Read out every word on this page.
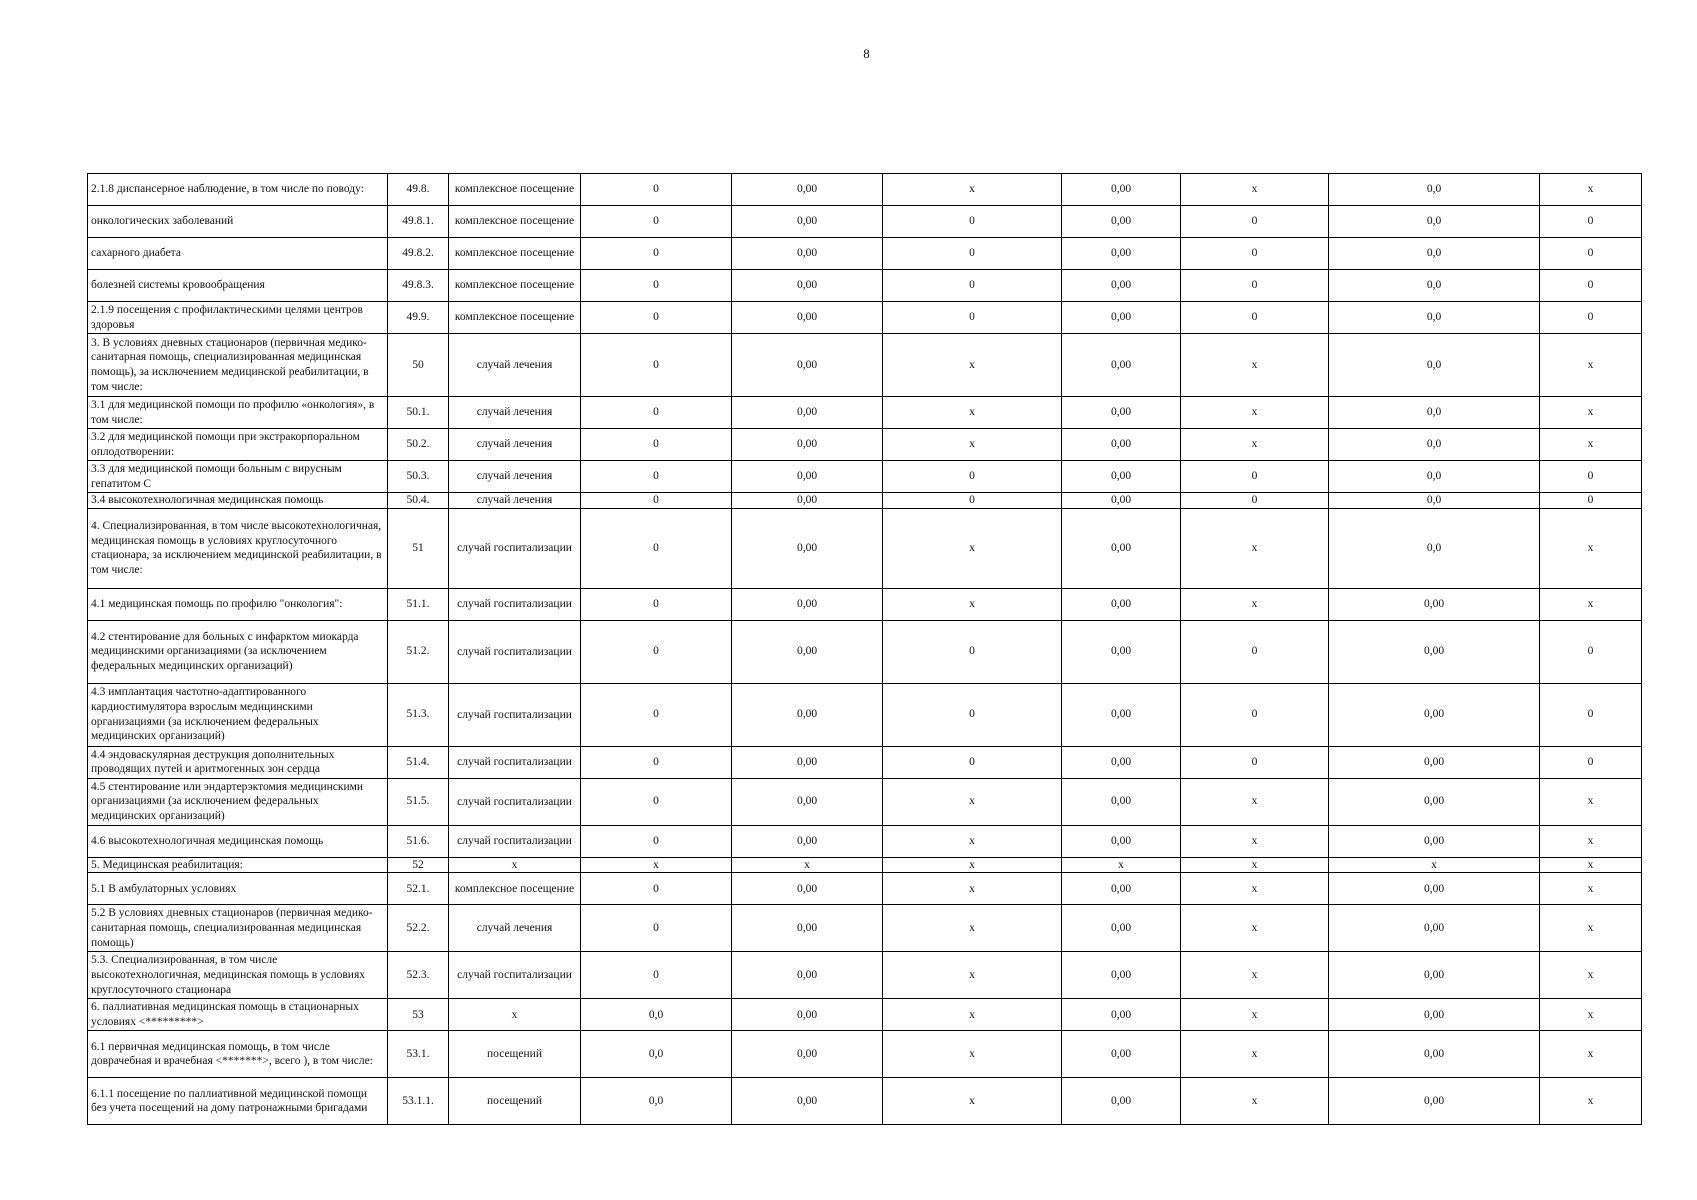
8
2.1.8 диспансерное наблюдение, в том числе по поводу:	49.8.	комплексное посещение	0	0,00	x	0,00	x	0,0	x
онкологических заболеваний	49.8.1.	комплексное посещение	0	0,00	0	0,00	0	0,0	0
сахарного диабета	49.8.2.	комплексное посещение	0	0,00	0	0,00	0	0,0	0
болезней системы кровообращения	49.8.3.	комплексное посещение	0	0,00	0	0,00	0	0,0	0
2.1.9 посещения с профилактическими целями центров здоровья	49.9.	комплексное посещение	0	0,00	0	0,00	0	0,0	0
3. В условиях дневных стационаров (первичная медико-санитарная помощь, специализированная медицинская помощь), за исключением медицинской реабилитации, в том числе:	50	случай лечения	0	0,00	x	0,00	x	0,0	x
3.1 для медицинской помощи по профилю «онкология», в том числе:	50.1.	случай лечения	0	0,00	x	0,00	x	0,0	x
3.2 для медицинской помощи при экстракорпоральном оплодотворении:	50.2.	случай лечения	0	0,00	x	0,00	x	0,0	x
3.3 для медицинской помощи больным с вирусным гепатитом С	50.3.	случай лечения	0	0,00	0	0,00	0	0,0	0
3.4 высокотехнологичная медицинская помощь	50.4.	случай лечения	0	0,00	0	0,00	0	0,0	0
4. Специализированная, в том числе высокотехнологичная, медицинская помощь в условиях круглосуточного стационара, за исключением медицинской реабилитации, в том числе:	51	случай госпитализации	0	0,00	x	0,00	x	0,0	x
4.1 медицинская помощь по профилю "онкология":	51.1.	случай госпитализации	0	0,00	x	0,00	x	0,00	x
4.2 стентирование для больных с инфарктом миокарда медицинскими организациями (за исключением федеральных медицинских организаций)	51.2.	случай госпитализации	0	0,00	0	0,00	0	0,00	0
4.3 имплантация частотно-адаптированного кардиостимулятора взрослым медицинскими организациями (за исключением федеральных медицинских организаций)	51.3.	случай госпитализации	0	0,00	0	0,00	0	0,00	0
4.4 эндоваскулярная деструкция дополнительных проводящих путей и аритмогенных зон сердца	51.4.	случай госпитализации	0	0,00	0	0,00	0	0,00	0
4.5 стентирование или эндартерэктомия медицинскими организациями (за исключением федеральных медицинских организаций)	51.5.	случай госпитализации	0	0,00	x	0,00	x	0,00	x
4.6 высокотехнологичная медицинская помощь	51.6.	случай госпитализации	0	0,00	x	0,00	x	0,00	x
5. Медицинская реабилитация:	52	x	x	x	x	x	x	x	x
5.1 В амбулаторных условиях	52.1.	комплексное посещение	0	0,00	x	0,00	x	0,00	x
5.2 В условиях дневных стационаров (первичная медико-санитарная помощь, специализированная медицинская помощь)	52.2.	случай лечения	0	0,00	x	0,00	x	0,00	x
5.3. Специализированная, в том числе высокотехнологичная, медицинская помощь в условиях круглосуточного стационара	52.3.	случай госпитализации	0	0,00	x	0,00	x	0,00	x
6. паллиативная медицинская помощь в стационарных условиях <*********>	53	x	0,0	0,00	x	0,00	x	0,00	x
6.1 первичная медицинская помощь, в том числе доврачебная и врачебная <*******>, всего ), в том числе:	53.1.	посещений	0,0	0,00	x	0,00	x	0,00	x
6.1.1 посещение по паллиативной медицинской помощи без учета посещений на дому патронажными бригадами	53.1.1.	посещений	0,0	0,00	x	0,00	x	0,00	x
